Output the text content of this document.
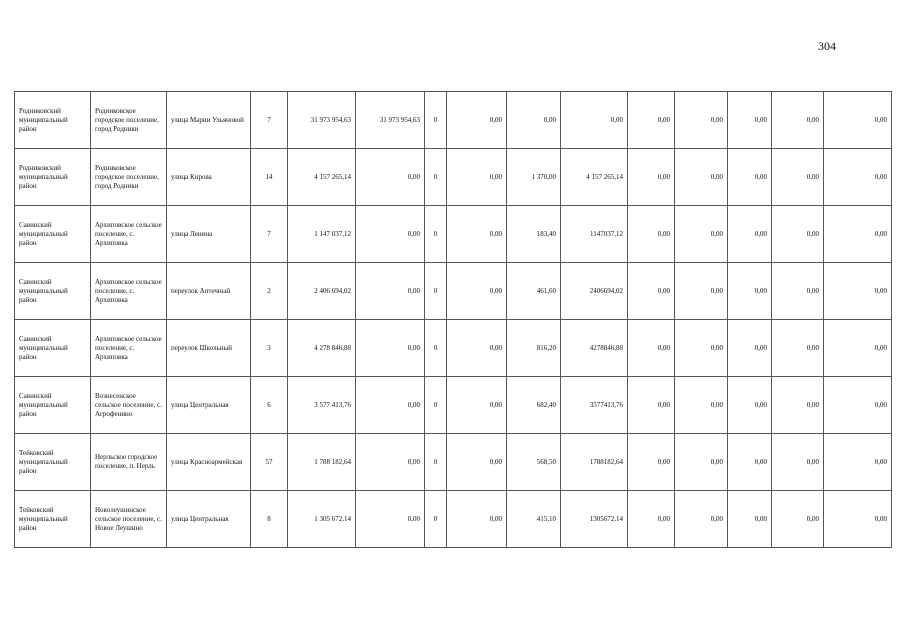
304
Родниковский муниципальный район	Родниковское городское поселение, город Родники	улица Марии Ульяновой	7	31 973 954,63	31 973 954,63	0	0,00	0,00	0,00	0,00	0,00	0,00	0,00	0,00
Родниковский муниципальный район	Родниковское городское поселение, город Родники	улица Кирова	14	4 157 265,14	0,00	0	0,00	1 370,00	4 157 265,14	0,00	0,00	0,00	0,00	0,00
Савинский муниципальный район	Архиповское сельское поселение, с. Архиповка	улица Ленина	7	1 147 037,12	0,00	0	0,00	183,40	1147037,12	0,00	0,00	0,00	0,00	0,00
Савинский муниципальный район	Архиповское сельское поселение, с. Архиповка	переулок Аптечный	2	2 406 694,02	0,00	0	0,00	461,60	2406694,02	0,00	0,00	0,00	0,00	0,00
Савинский муниципальный район	Архиповское сельское поселение, с. Архиповка	переулок Школьный	3	4 278 846,88	0,00	0	0,00	816,20	4278846,88	0,00	0,00	0,00	0,00	0,00
Савинский муниципальный район	Вознесенское сельское поселение, с. Агрофенино	улица Центральная	6	3 577 413,76	0,00	0	0,00	682,40	3577413,76	0,00	0,00	0,00	0,00	0,00
Тейковский муниципальный район	Нерльское городское поселение, п. Нерль	улица Красноармейская	57	1 788 182,64	0,00	0	0,00	568,50	1788182,64	0,00	0,00	0,00	0,00	0,00
Тейковский муниципальный район	Новолеушинское сельское поселение, с. Новое Леушино	улица Центральная	8	1 305 672,14	0,00	0	0,00	415,10	1305672,14	0,00	0,00	0,00	0,00	0,00
